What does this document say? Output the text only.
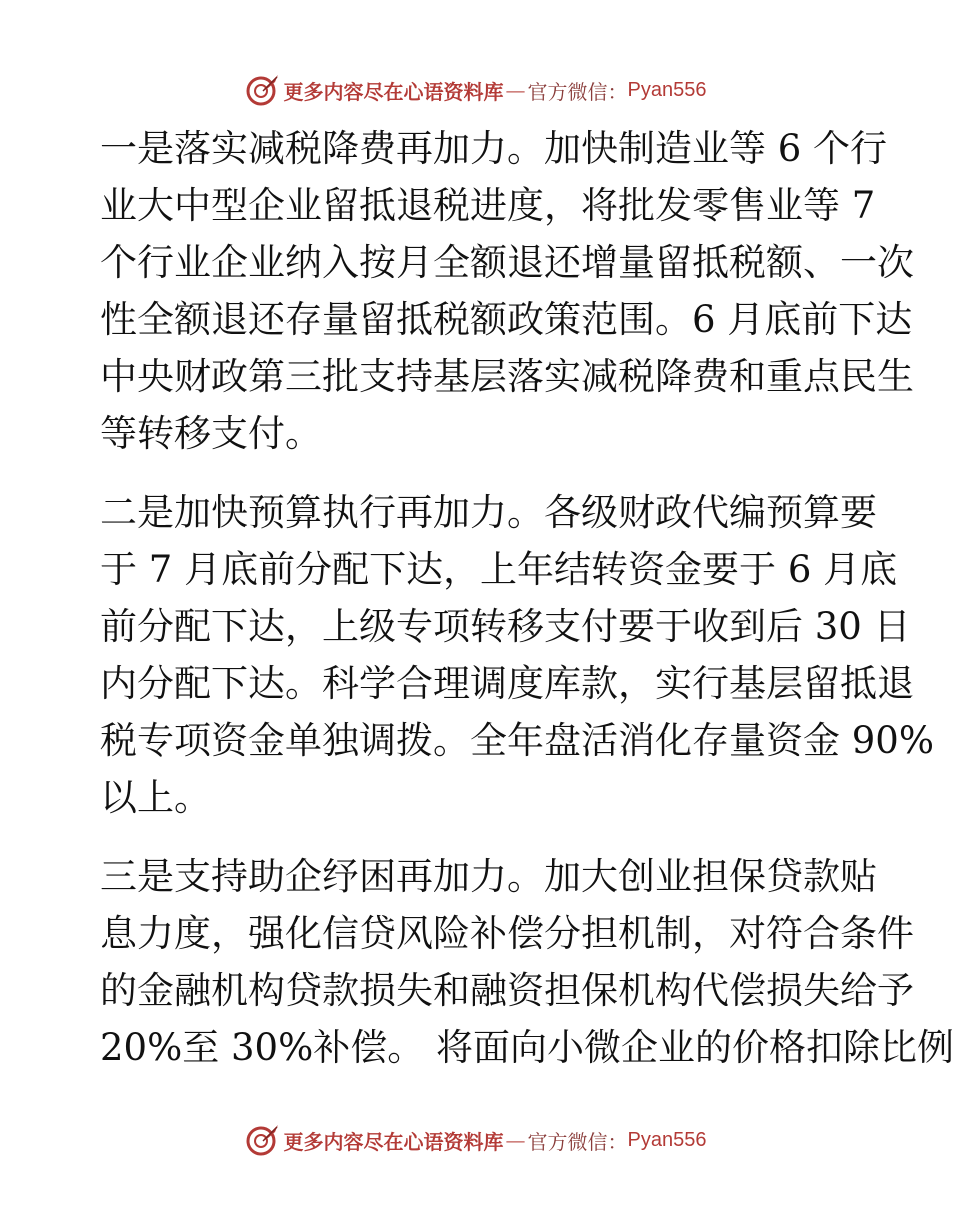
更多内容尽在心语资料库 — 官方微信： Pyan556
一是落实减税降费再加力。加快制造业等 6 个行
业大中型企业留抵退税进度，将批发零售业等 7
个行业企业纳入按月全额退还增量留抵税额、一次
性全额退还存量留抵税额政策范围。6 月底前下达
中央财政第三批支持基层落实减税降费和重点民生
等转移支付。
二是加快预算执行再加力。各级财政代编预算要
于 7 月底前分配下达，上年结转资金要于 6 月底
前分配下达，上级专项转移支付要于收到后 30 日
内分配下达。科学合理调度库款，实行基层留抵退
税专项资金单独调拨。全年盘活消化存量资金 90%
以上。
三是支持助企纾困再加力。加大创业担保贷款贴
息力度，强化信贷风险补偿分担机制，对符合条件
的金融机构贷款损失和融资担保机构代偿损失给予
20%至 30%补偿。 将面向小微企业的价格扣除比例
更多内容尽在心语资料库 — 官方微信： Pyan556
